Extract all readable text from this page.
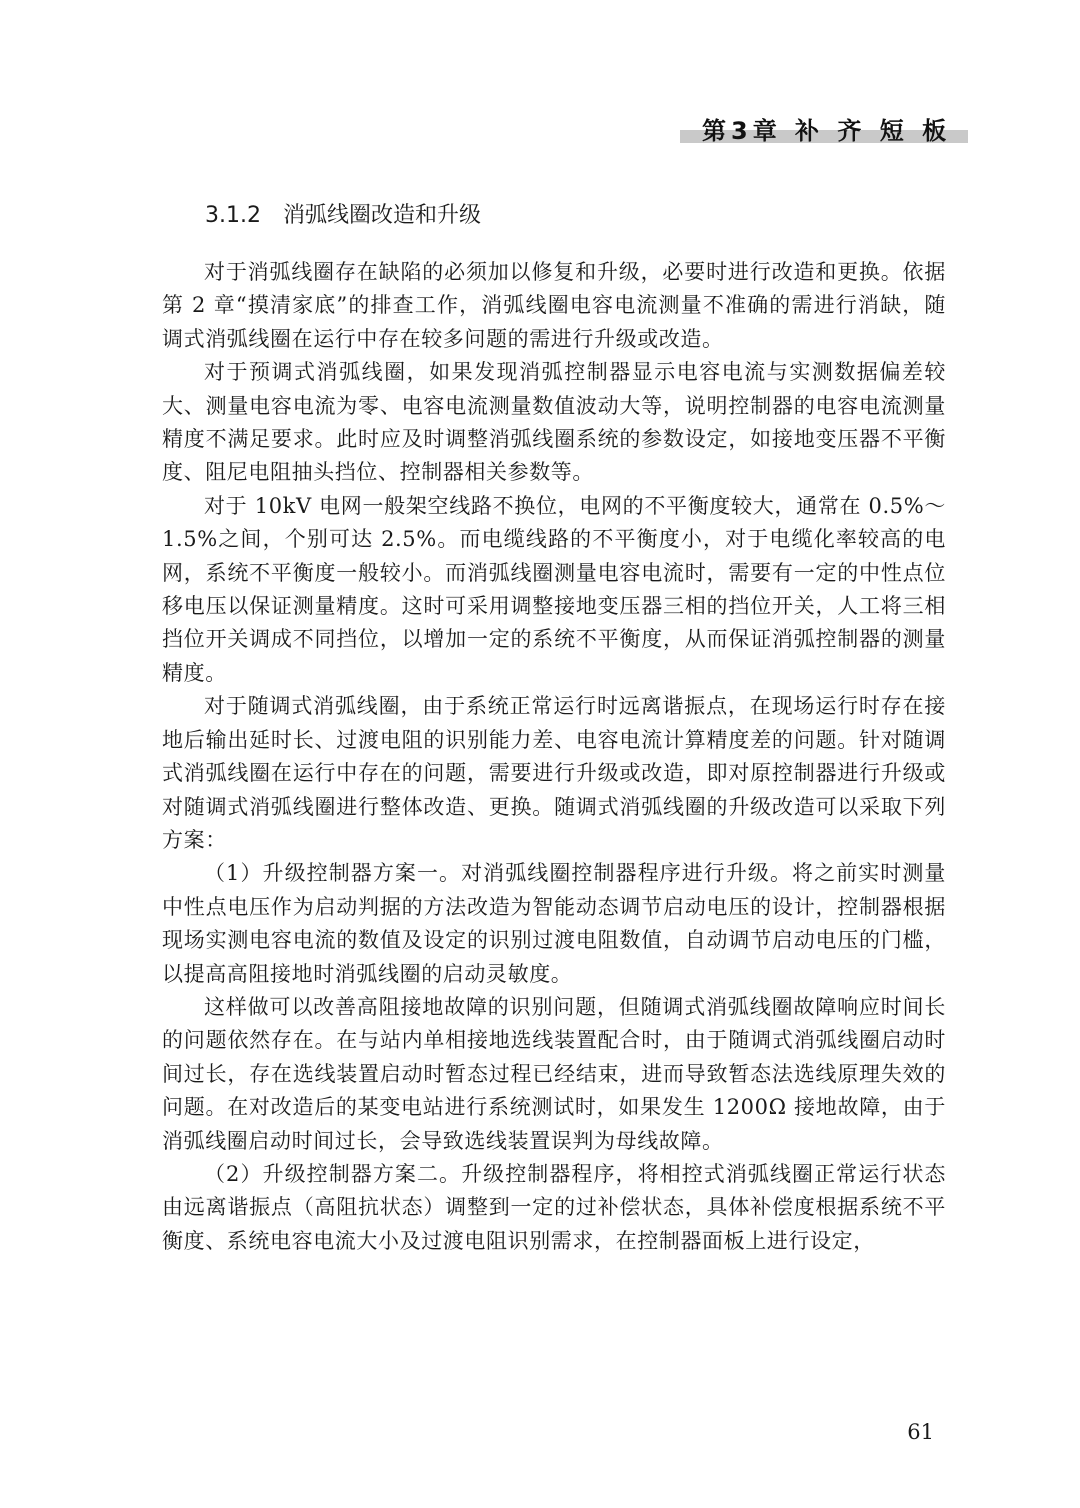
第3章 补 齐 短 板
3.1.2 消弧线圈改造和升级

对于消弧线圈存在缺陷的必须加以修复和升级，必要时进行改造和更换。依据第 2 章“摸清家底”的排查工作，消弧线圈电容电流测量不准确的需进行消缺，随调式消弧线圈在运行中存在较多问题的需进行升级或改造。

对于预调式消弧线圈，如果发现消弧控制器显示电容电流与实测数据偏差较大、测量电容电流为零、电容电流测量数值波动大等，说明控制器的电容电流测量精度不满足要求。此时应及时调整消弧线圈系统的参数设定，如接地变压器不平衡度、阻尼电阻抽头挡位、控制器相关参数等。

对于 10kV 电网一般架空线路不换位，电网的不平衡度较大，通常在 0.5%～1.5%之间，个别可达 2.5%。而电缆线路的不平衡度小，对于电缆化率较高的电网，系统不平衡度一般较小。而消弧线圈测量电容电流时，需要有一定的中性点位移电压以保证测量精度。这时可采用调整接地变压器三相的挡位开关，人工将三相挡位开关调成不同挡位，以增加一定的系统不平衡度，从而保证消弧控制器的测量精度。

对于随调式消弧线圈，由于系统正常运行时远离谐振点，在现场运行时存在接地后输出延时长、过渡电阻的识别能力差、电容电流计算精度差的问题。针对随调式消弧线圈在运行中存在的问题，需要进行升级或改造，即对原控制器进行升级或对随调式消弧线圈进行整体改造、更换。随调式消弧线圈的升级改造可以采取下列方案：

（1）升级控制器方案一。对消弧线圈控制器程序进行升级。将之前实时测量中性点电压作为启动判据的方法改造为智能动态调节启动电压的设计，控制器根据现场实测电容电流的数值及设定的识别过渡电阻数值，自动调节启动电压的门槛，以提高高阻接地时消弧线圈的启动灵敏度。

这样做可以改善高阻接地故障的识别问题，但随调式消弧线圈故障响应时间长的问题依然存在。在与站内单相接地选线装置配合时，由于随调式消弧线圈启动时间过长，存在选线装置启动时暂态过程已经结束，进而导致暂态法选线原理失效的问题。在对改造后的某变电站进行系统测试时，如果发生 1200Ω 接地故障，由于消弧线圈启动时间过长，会导致选线装置误判为母线故障。

（2）升级控制器方案二。升级控制器程序，将相控式消弧线圈正常运行状态由远离谐振点（高阻抗状态）调整到一定的过补偿状态，具体补偿度根据系统不平衡度、系统电容电流大小及过渡电阻识别需求，在控制器面板上进行设定，

61
